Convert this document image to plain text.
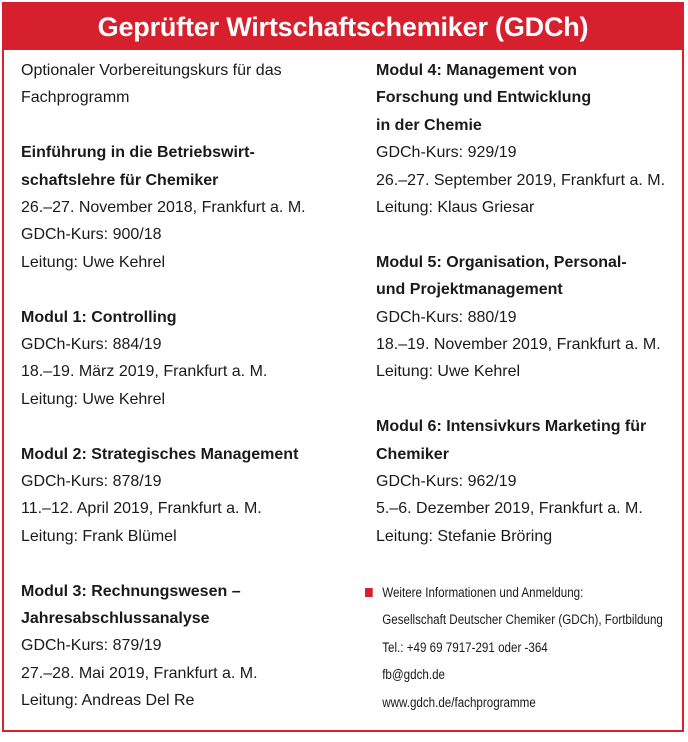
Geprüfter Wirtschaftschemiker (GDCh)
Optionaler Vorbereitungskurs für das
Fachprogramm
Einführung in die Betriebswirt-
schaftslehre für Chemiker
26.–27. November 2018, Frankfurt a. M.
GDCh-Kurs: 900/18
Leitung: Uwe Kehrel
Modul 1: Controlling
GDCh-Kurs: 884/19
18.–19. März 2019, Frankfurt a. M.
Leitung: Uwe Kehrel
Modul 2: Strategisches Management
GDCh-Kurs: 878/19
11.–12. April 2019, Frankfurt a. M.
Leitung: Frank Blümel
Modul 3: Rechnungswesen –
Jahresabschlussanalyse
GDCh-Kurs: 879/19
27.–28. Mai 2019, Frankfurt a. M.
Leitung: Andreas Del Re
Modul 4: Management von
Forschung und Entwicklung
in der Chemie
GDCh-Kurs: 929/19
26.–27. September 2019, Frankfurt a. M.
Leitung: Klaus Griesar
Modul 5: Organisation, Personal-
und Projektmanagement
GDCh-Kurs: 880/19
18.–19. November 2019, Frankfurt a. M.
Leitung: Uwe Kehrel
Modul 6: Intensivkurs Marketing für
Chemiker
GDCh-Kurs: 962/19
5.–6. Dezember 2019, Frankfurt a. M.
Leitung: Stefanie Bröring
Weitere Informationen und Anmeldung:
Gesellschaft Deutscher Chemiker (GDCh), Fortbildung
Tel.: +49 69 7917-291 oder -364
fb@gdch.de
www.gdch.de/fachprogramme
